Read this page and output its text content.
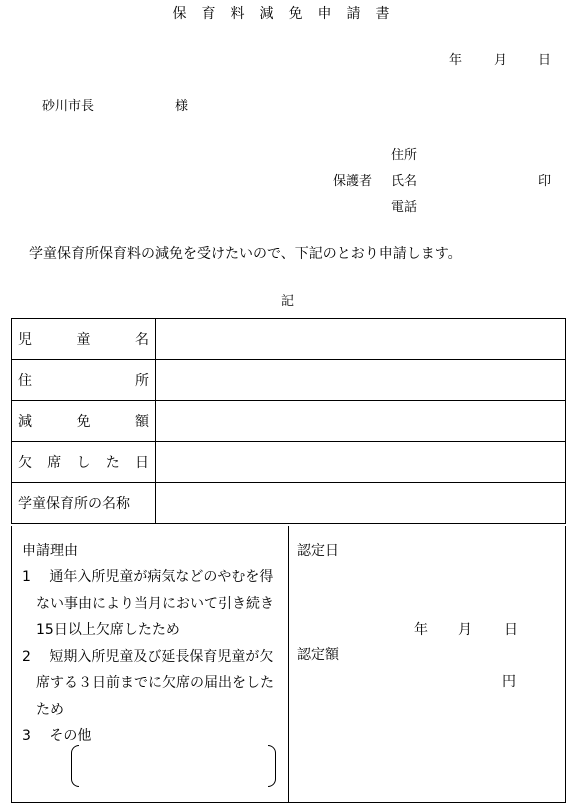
保育料減免申請書
年 月 日
砂川市長	様
住所
保護者 氏名	印
電話
学童保育所保育料の減免を受けたいので、下記のとおり申請します。
記
児 童 名	

住 所	

減 免 額	

欠 席 し た 日	

学童保育所の名称	

申請理由
1　 通年入所児童が病気などのやむを得
　ない事由により当月において引き続き
　15日以上欠席したため
2　 短期入所児童及び延長保育児童が欠
　席する３日前までに欠席の届出をした
　ため
3　 その他
認定日
年 月 日
認定額
円
